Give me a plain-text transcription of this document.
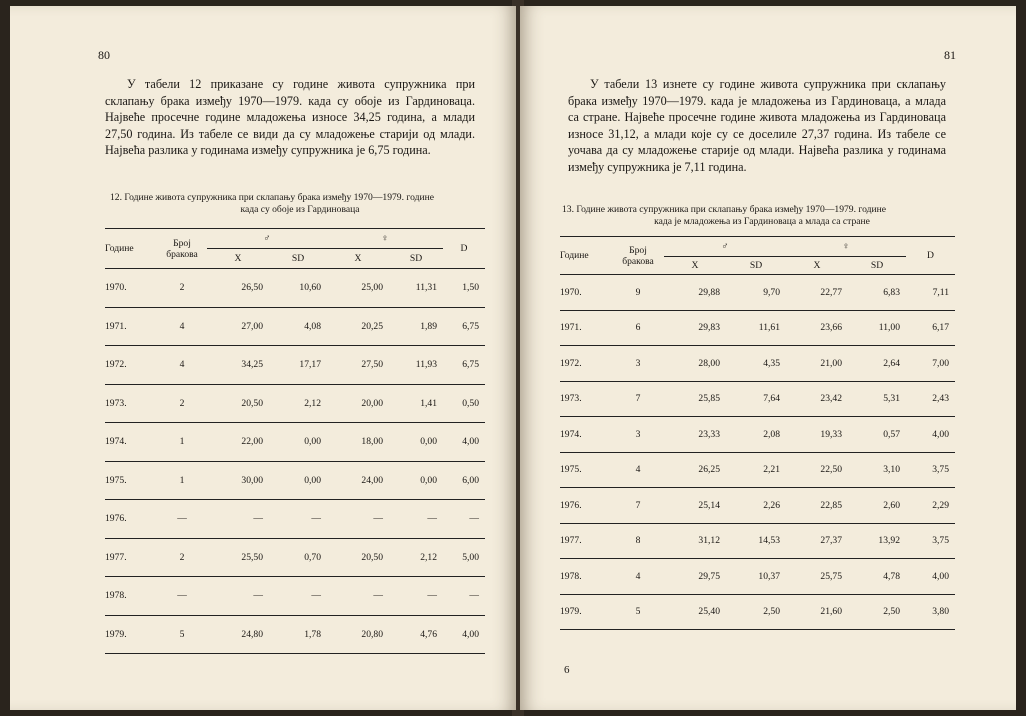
80

У табели 12 приказане су године живота супружника при склапању брака између 1970—1979. када су обоје из Гардиноваца. Највеће просечне године младожења износе 34,25 година, а млади 27,50 година. Из табеле се види да су младожење старији од млади. Највећа разлика у годинама између супружника је 6,75 година.

12. Године живота супружника при склапању брака између 1970—1979. године
када су обоје из Гардиноваца

Године	Број
бракова	♂		♀		D
		X	SD	X	SD	
1970.	2	26,50	10,60	25,00	11,31	1,50
1971.	4	27,00	4,08	20,25	1,89	6,75
1972.	4	34,25	17,17	27,50	11,93	6,75
1973.	2	20,50	2,12	20,00	1,41	0,50
1974.	1	22,00	0,00	18,00	0,00	4,00
1975.	1	30,00	0,00	24,00	0,00	6,00
1976.	—	—	—	—	—	—
1977.	2	25,50	0,70	20,50	2,12	5,00
1978.	—	—	—	—	—	—
1979.	5	24,80	1,78	20,80	4,76	4,00
81

У табели 13 изнете су године живота супружника при склапању брака између 1970—1979. када је младожења из Гардиноваца, а млада са стране. Највеће просечне године живота младожења из Гардиноваца износе 31,12, а млади које су се доселиле 27,37 година. Из табеле се уочава да су младожење старије од млади. Највећа разлика у годинама између супружника је 7,11 година.

13. Године живота супружника при склапању брака између 1970—1979. године
када је младожења из Гардиноваца а млада са стране

Године	Број
бракова	♂		♀		D
		X	SD	X	SD	
1970.	9	29,88	9,70	22,77	6,83	7,11
1971.	6	29,83	11,61	23,66	11,00	6,17
1972.	3	28,00	4,35	21,00	2,64	7,00
1973.	7	25,85	7,64	23,42	5,31	2,43
1974.	3	23,33	2,08	19,33	0,57	4,00
1975.	4	26,25	2,21	22,50	3,10	3,75
1976.	7	25,14	2,26	22,85	2,60	2,29
1977.	8	31,12	14,53	27,37	13,92	3,75
1978.	4	29,75	10,37	25,75	4,78	4,00
1979.	5	25,40	2,50	21,60	2,50	3,80
6
